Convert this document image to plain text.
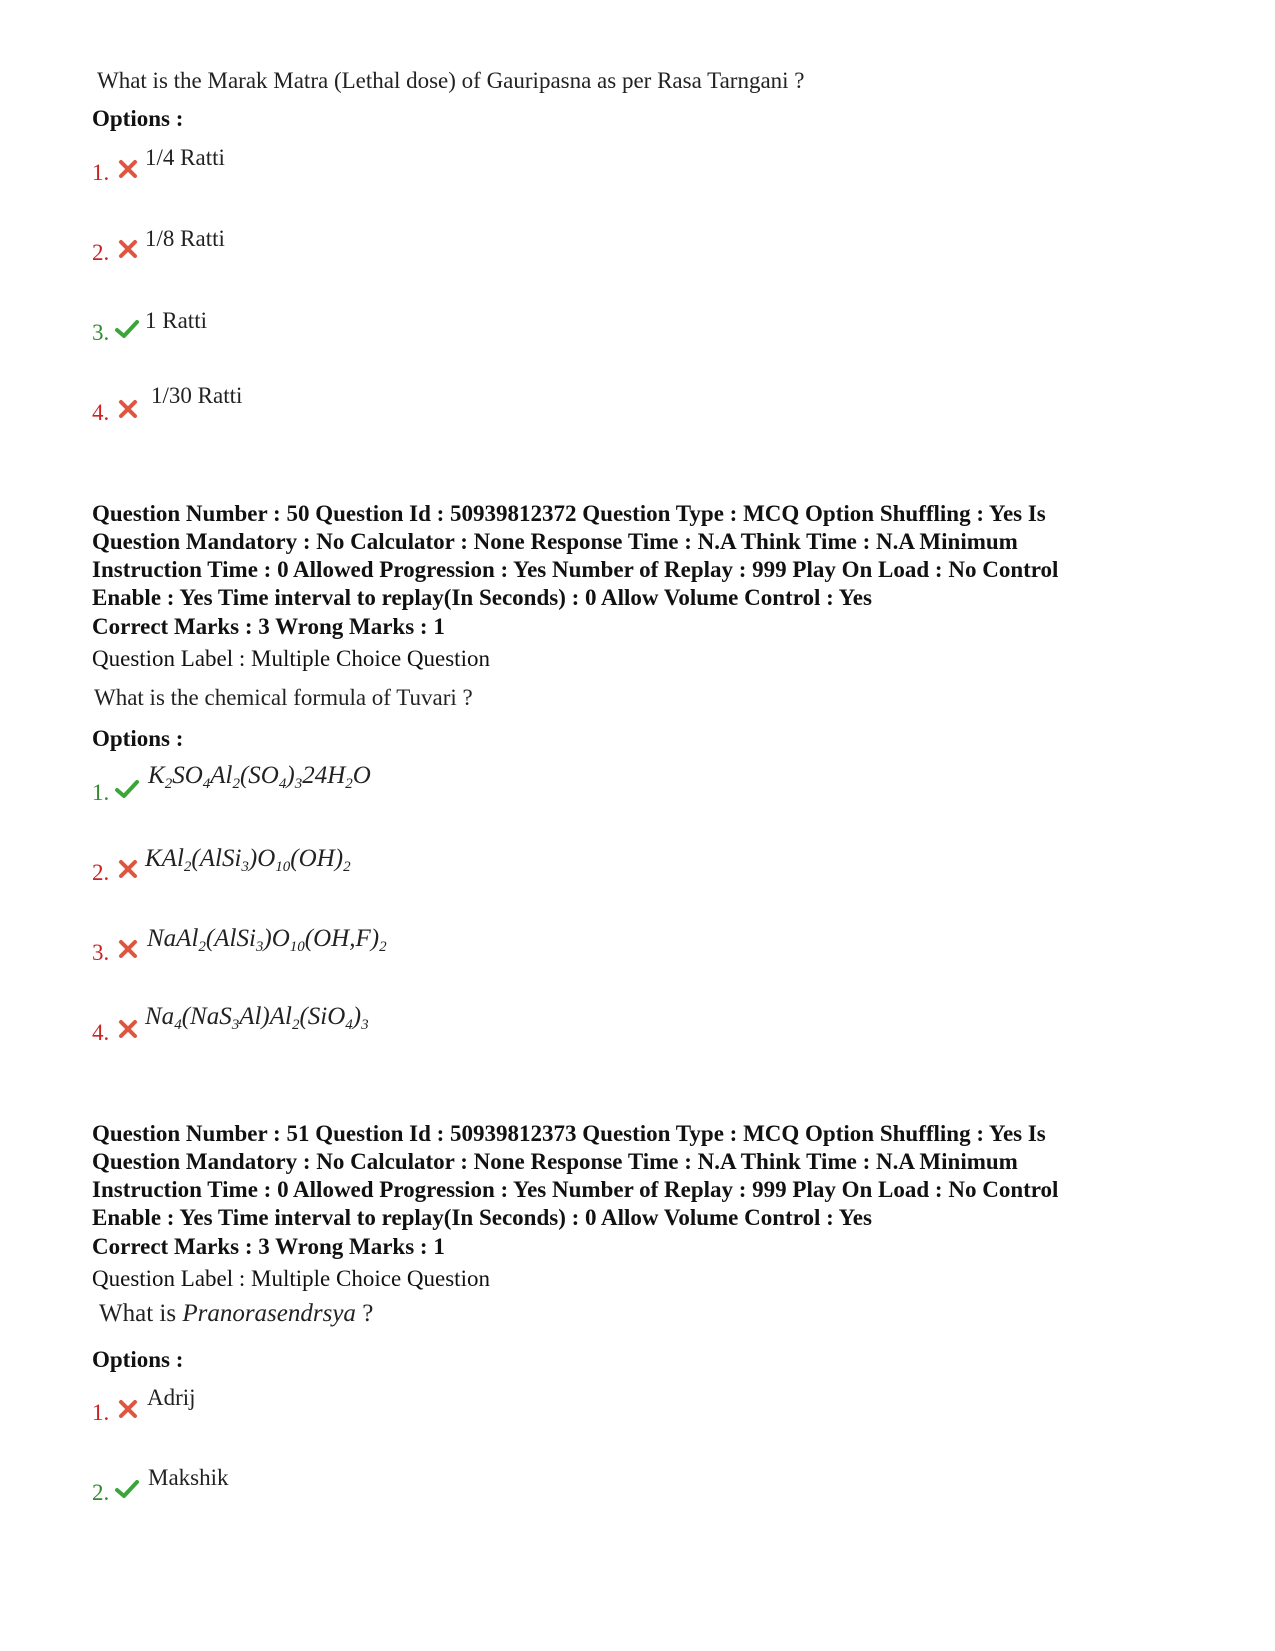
What is the Marak Matra (Lethal dose) of Gauripasna as per Rasa Tarngani ?
Options :
1.
1/4 Ratti
2.
1/8 Ratti
3. 1 Ratti
4.
1/30 Ratti
Question Number : 50 Question Id : 50939812372 Question Type : MCQ Option Shuffling : Yes Is
Question Mandatory : No Calculator : None Response Time : N.A Think Time : N.A Minimum
Instruction Time : 0 Allowed Progression : Yes Number of Replay : 999 Play On Load : No Control
Enable : Yes Time interval to replay(In Seconds) : 0 Allow Volume Control : Yes
Correct Marks : 3 Wrong Marks : 1
Question Label : Multiple Choice Question
What is the chemical formula of Tuvari ?
Options :
1.
$K_2SO_4Al_2(SO_4)_324H_2O$
2.
$KAl_2(AlSi_3)O_{10}(OH)_2$
3.
$NaAl_2(AlSi_3)O_{10}(OH,F)_2$
4.
$Na_4(NaS_3Al)Al_2(SiO_4)_3$
Question Number : 51 Question Id : 50939812373 Question Type : MCQ Option Shuffling : Yes Is
Question Mandatory : No Calculator : None Response Time : N.A Think Time : N.A Minimum
Instruction Time : 0 Allowed Progression : Yes Number of Replay : 999 Play On Load : No Control
Enable : Yes Time interval to replay(In Seconds) : 0 Allow Volume Control : Yes
Correct Marks : 3 Wrong Marks : 1
Question Label : Multiple Choice Question
What is Pranorasendrsya ?
Options :
1.
Adrij
2.
Makshik
